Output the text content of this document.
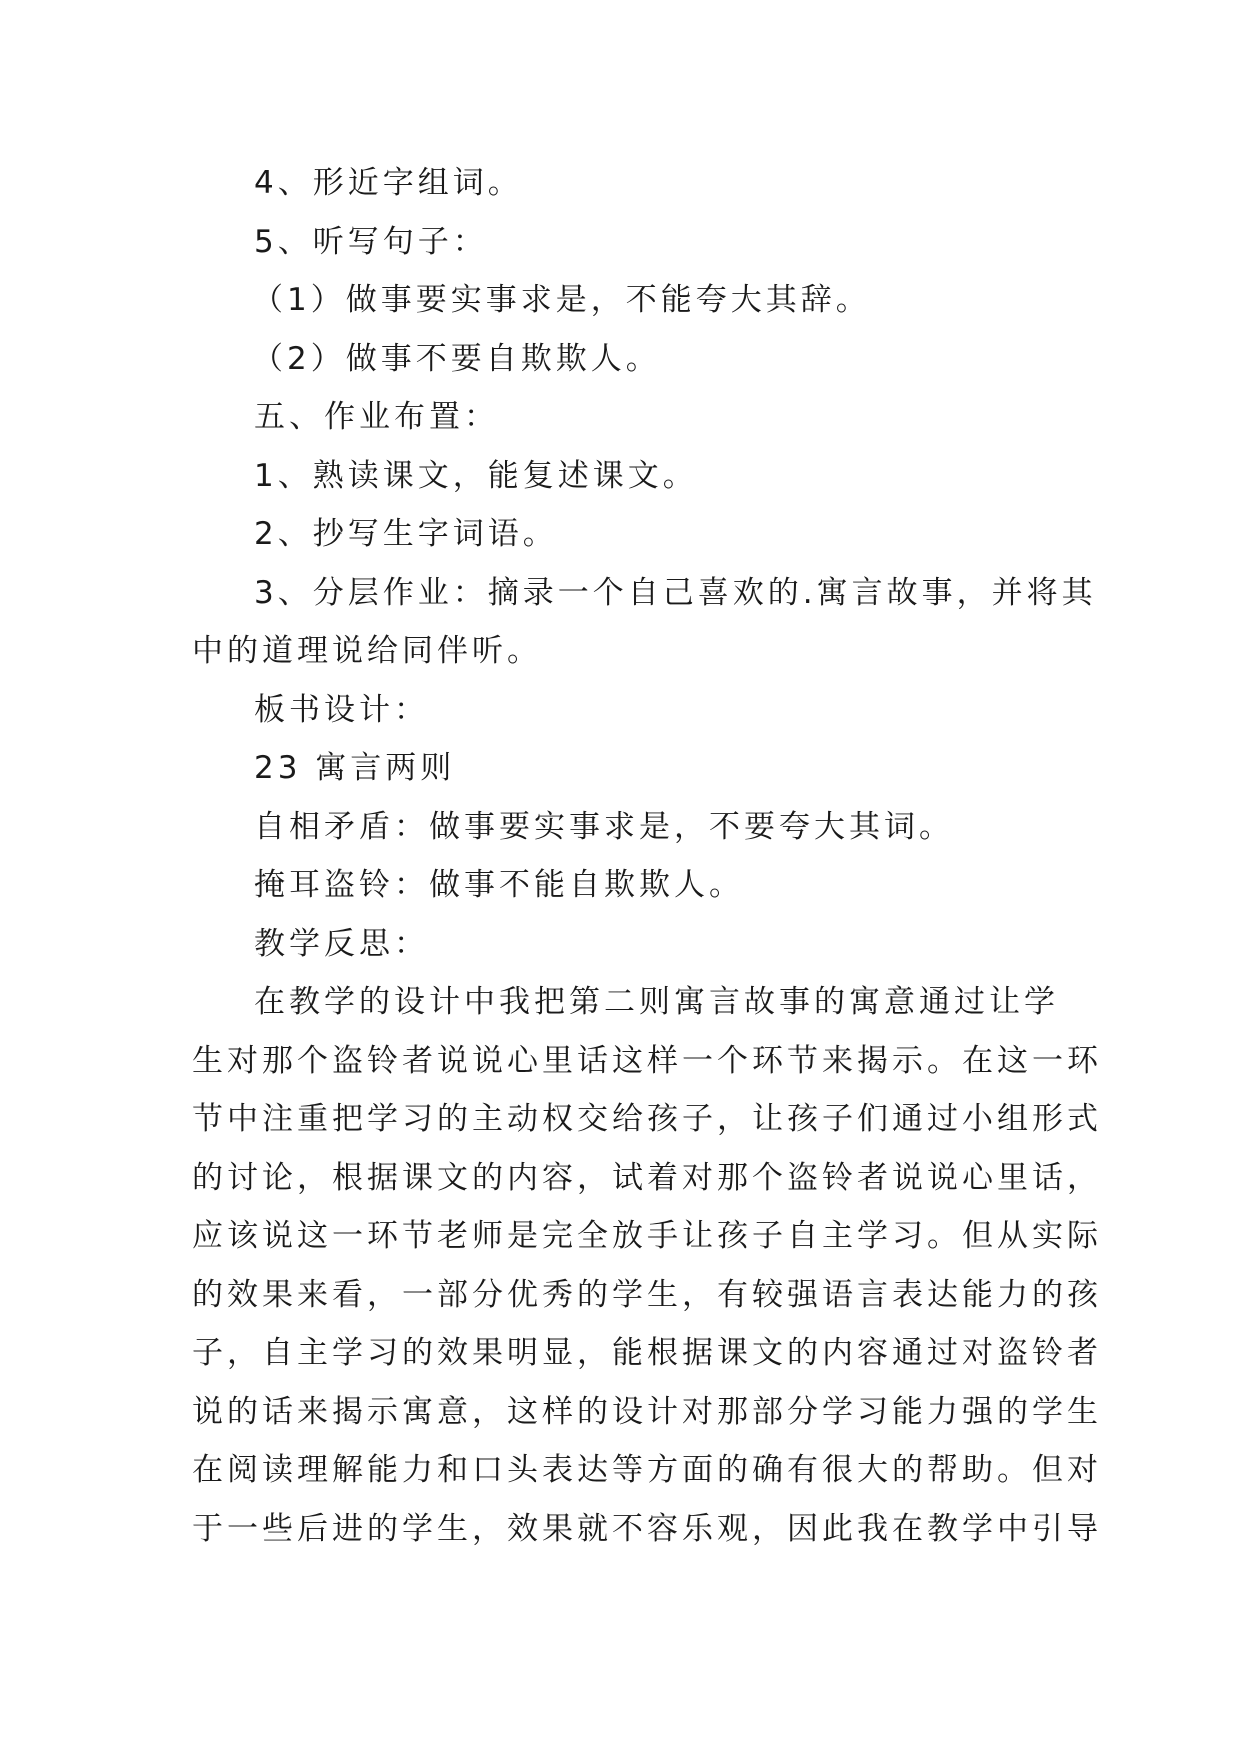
4、形近字组词。
5、听写句子：
（1）做事要实事求是，不能夸大其辞。
（2）做事不要自欺欺人。
五、作业布置：
1、熟读课文，能复述课文。
2、抄写生字词语。
3、分层作业：摘录一个自己喜欢的.寓言故事，并将其
中的道理说给同伴听。
板书设计：
23 寓言两则
自相矛盾：做事要实事求是，不要夸大其词。
掩耳盗铃：做事不能自欺欺人。
教学反思：
在教学的设计中我把第二则寓言故事的寓意通过让学
生对那个盗铃者说说心里话这样一个环节来揭示。在这一环
节中注重把学习的主动权交给孩子，让孩子们通过小组形式
的讨论，根据课文的内容，试着对那个盗铃者说说心里话，
应该说这一环节老师是完全放手让孩子自主学习。但从实际
的效果来看，一部分优秀的学生，有较强语言表达能力的孩
子，自主学习的效果明显，能根据课文的内容通过对盗铃者
说的话来揭示寓意，这样的设计对那部分学习能力强的学生
在阅读理解能力和口头表达等方面的确有很大的帮助。但对
于一些后进的学生，效果就不容乐观，因此我在教学中引导
